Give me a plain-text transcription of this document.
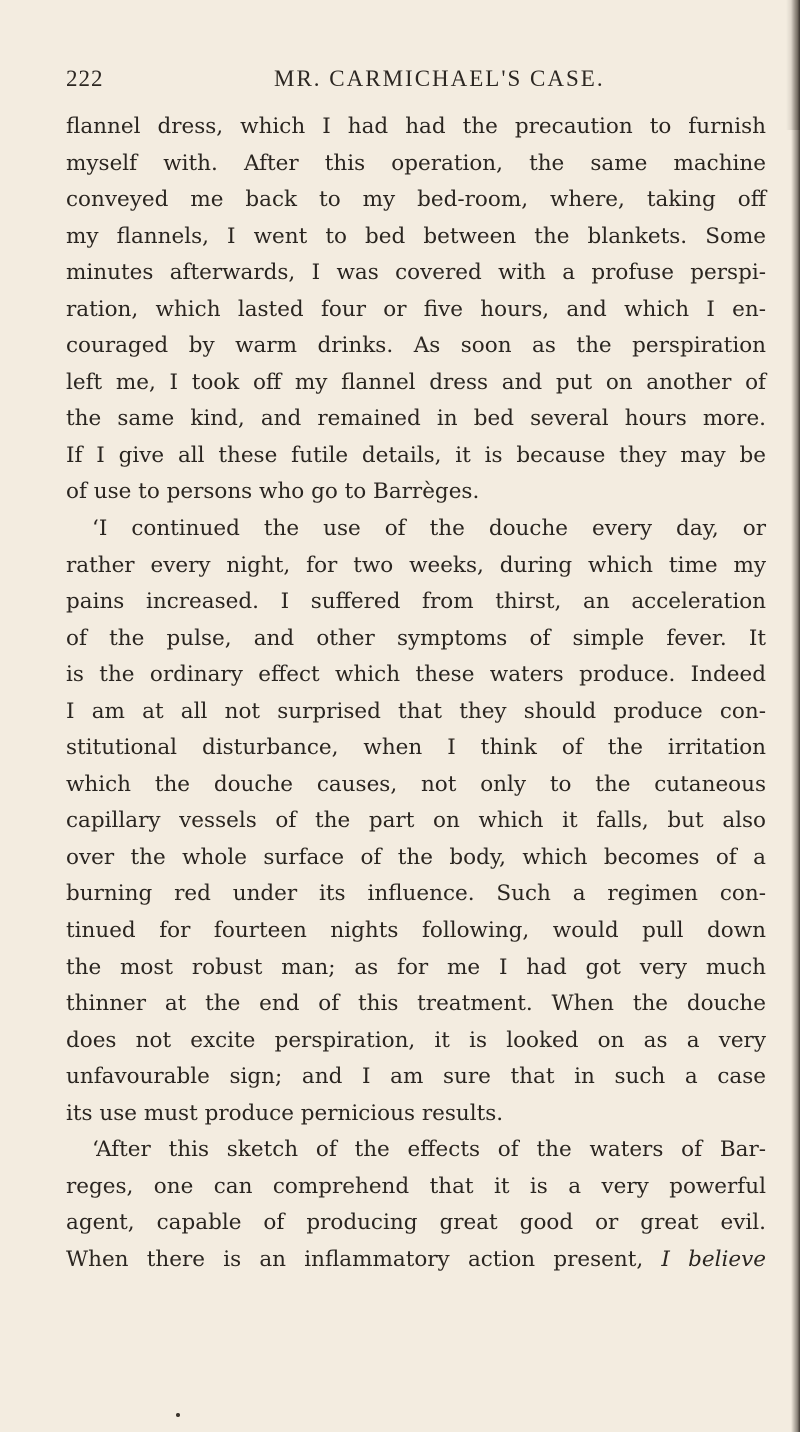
222	MR. CARMICHAEL'S CASE.
flannel dress, which I had had the precaution to furnish
myself with. After this operation, the same machine
conveyed me back to my bed-room, where, taking off
my flannels, I went to bed between the blankets. Some
minutes afterwards, I was covered with a profuse perspi-
ration, which lasted four or five hours, and which I en-
couraged by warm drinks. As soon as the perspiration
left me, I took off my flannel dress and put on another of
the same kind, and remained in bed several hours more.
If I give all these futile details, it is because they may be
of use to persons who go to Barrèges.
‘I continued the use of the douche every day, or
rather every night, for two weeks, during which time my
pains increased. I suffered from thirst, an acceleration
of the pulse, and other symptoms of simple fever. It
is the ordinary effect which these waters produce. Indeed
I am at all not surprised that they should produce con-
stitutional disturbance, when I think of the irritation
which the douche causes, not only to the cutaneous
capillary vessels of the part on which it falls, but also
over the whole surface of the body, which becomes of a
burning red under its influence. Such a regimen con-
tinued for fourteen nights following, would pull down
the most robust man; as for me I had got very much
thinner at the end of this treatment. When the douche
does not excite perspiration, it is looked on as a very
unfavourable sign; and I am sure that in such a case
its use must produce pernicious results.
‘After this sketch of the effects of the waters of Bar-
reges, one can comprehend that it is a very powerful
agent, capable of producing great good or great evil.
When there is an inflammatory action present, I believe
